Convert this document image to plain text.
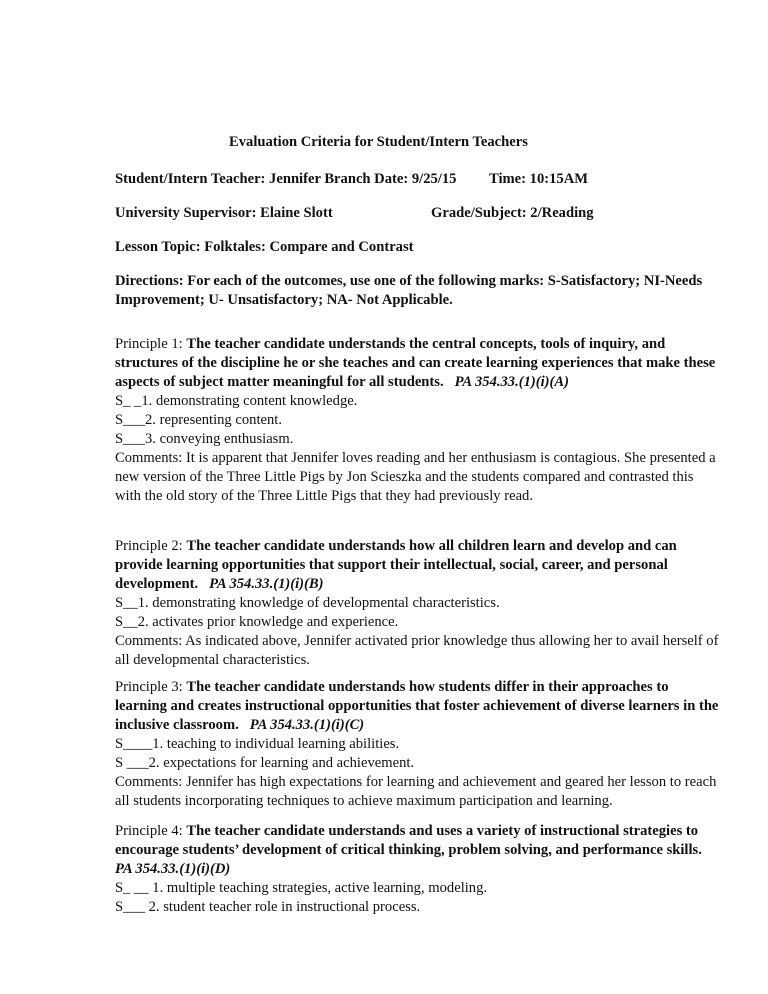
Evaluation Criteria for Student/Intern Teachers
Student/Intern Teacher: Jennifer Branch Date: 9/25/15 Time: 10:15AM
University Supervisor: Elaine Slott	Grade/Subject: 2/Reading
Lesson Topic: Folktales: Compare and Contrast
Directions: For each of the outcomes, use one of the following marks: S-Satisfactory; NI-Needs Improvement; U- Unsatisfactory; NA- Not Applicable.
Principle 1: The teacher candidate understands the central concepts, tools of inquiry, and structures of the discipline he or she teaches and can create learning experiences that make these aspects of subject matter meaningful for all students. PA 354.33.(1)(i)(A)
S_ _1. demonstrating content knowledge.
S___2. representing content.
S___3. conveying enthusiasm.
Comments: It is apparent that Jennifer loves reading and her enthusiasm is contagious. She presented a new version of the Three Little Pigs by Jon Scieszka and the students compared and contrasted this with the old story of the Three Little Pigs that they had previously read.
Principle 2: The teacher candidate understands how all children learn and develop and can provide learning opportunities that support their intellectual, social, career, and personal development. PA 354.33.(1)(i)(B)
S__1. demonstrating knowledge of developmental characteristics.
S__2. activates prior knowledge and experience.
Comments: As indicated above, Jennifer activated prior knowledge thus allowing her to avail herself of all developmental characteristics.
Principle 3: The teacher candidate understands how students differ in their approaches to learning and creates instructional opportunities that foster achievement of diverse learners in the inclusive classroom. PA 354.33.(1)(i)(C)
S____1. teaching to individual learning abilities.
S ___2. expectations for learning and achievement.
Comments: Jennifer has high expectations for learning and achievement and geared her lesson to reach all students incorporating techniques to achieve maximum participation and learning.
Principle 4: The teacher candidate understands and uses a variety of instructional strategies to encourage students’ development of critical thinking, problem solving, and performance skills.   PA 354.33.(1)(i)(D)
S_ __ 1. multiple teaching strategies, active learning, modeling.
S___ 2. student teacher role in instructional process.
